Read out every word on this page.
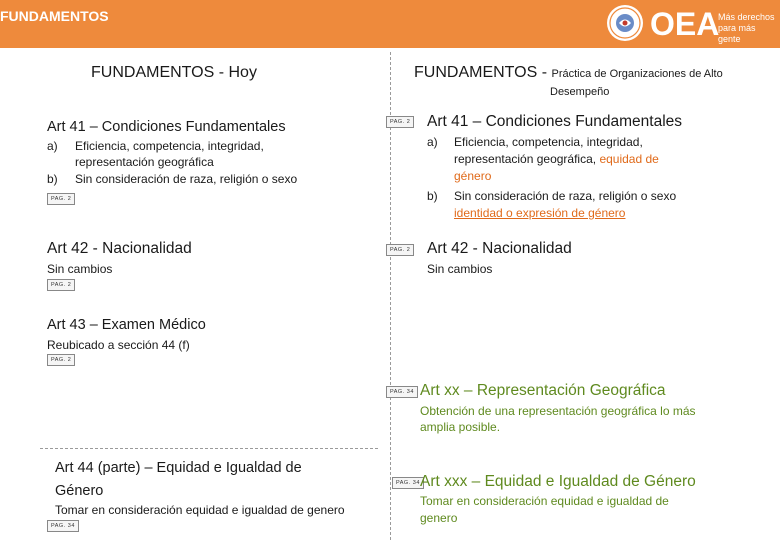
FUNDAMENTOS	OEA
Más derechos
para más gente
FUNDAMENTOS - Hoy	FUNDAMENTOS - Práctica de Organizaciones de Alto
Desempeño
Art 41 – Condiciones Fundamentales
a) Eficiencia, competencia, integridad,
representación geográfica
b) Sin consideración de raza, religión o sexo
PAG. 2
Art 42 - Nacionalidad
Sin cambios
PAG. 2
Art 43 – Examen Médico
Reubicado a sección 44 (f)
PAG. 2
Art 44 (parte) – Equidad e Igualdad de
Género
Tomar en consideración equidad e igualdad de genero
PAG. 34
PAG. 2 Art 41 – Condiciones Fundamentales
a) Eficiencia, competencia, integridad,
representación geográfica, equidad de
género
b) Sin consideración de raza, religión o sexo
identidad o expresión de género
PAG. 2 Art 42 - Nacionalidad
Sin cambios
PAG. 34 Art xx – Representación Geográfica
Obtención de una representación geográfica lo más
amplia posible.
PAG. 34 Art xxx – Equidad e Igualdad de Género
Tomar en consideración equidad e igualdad de
genero
